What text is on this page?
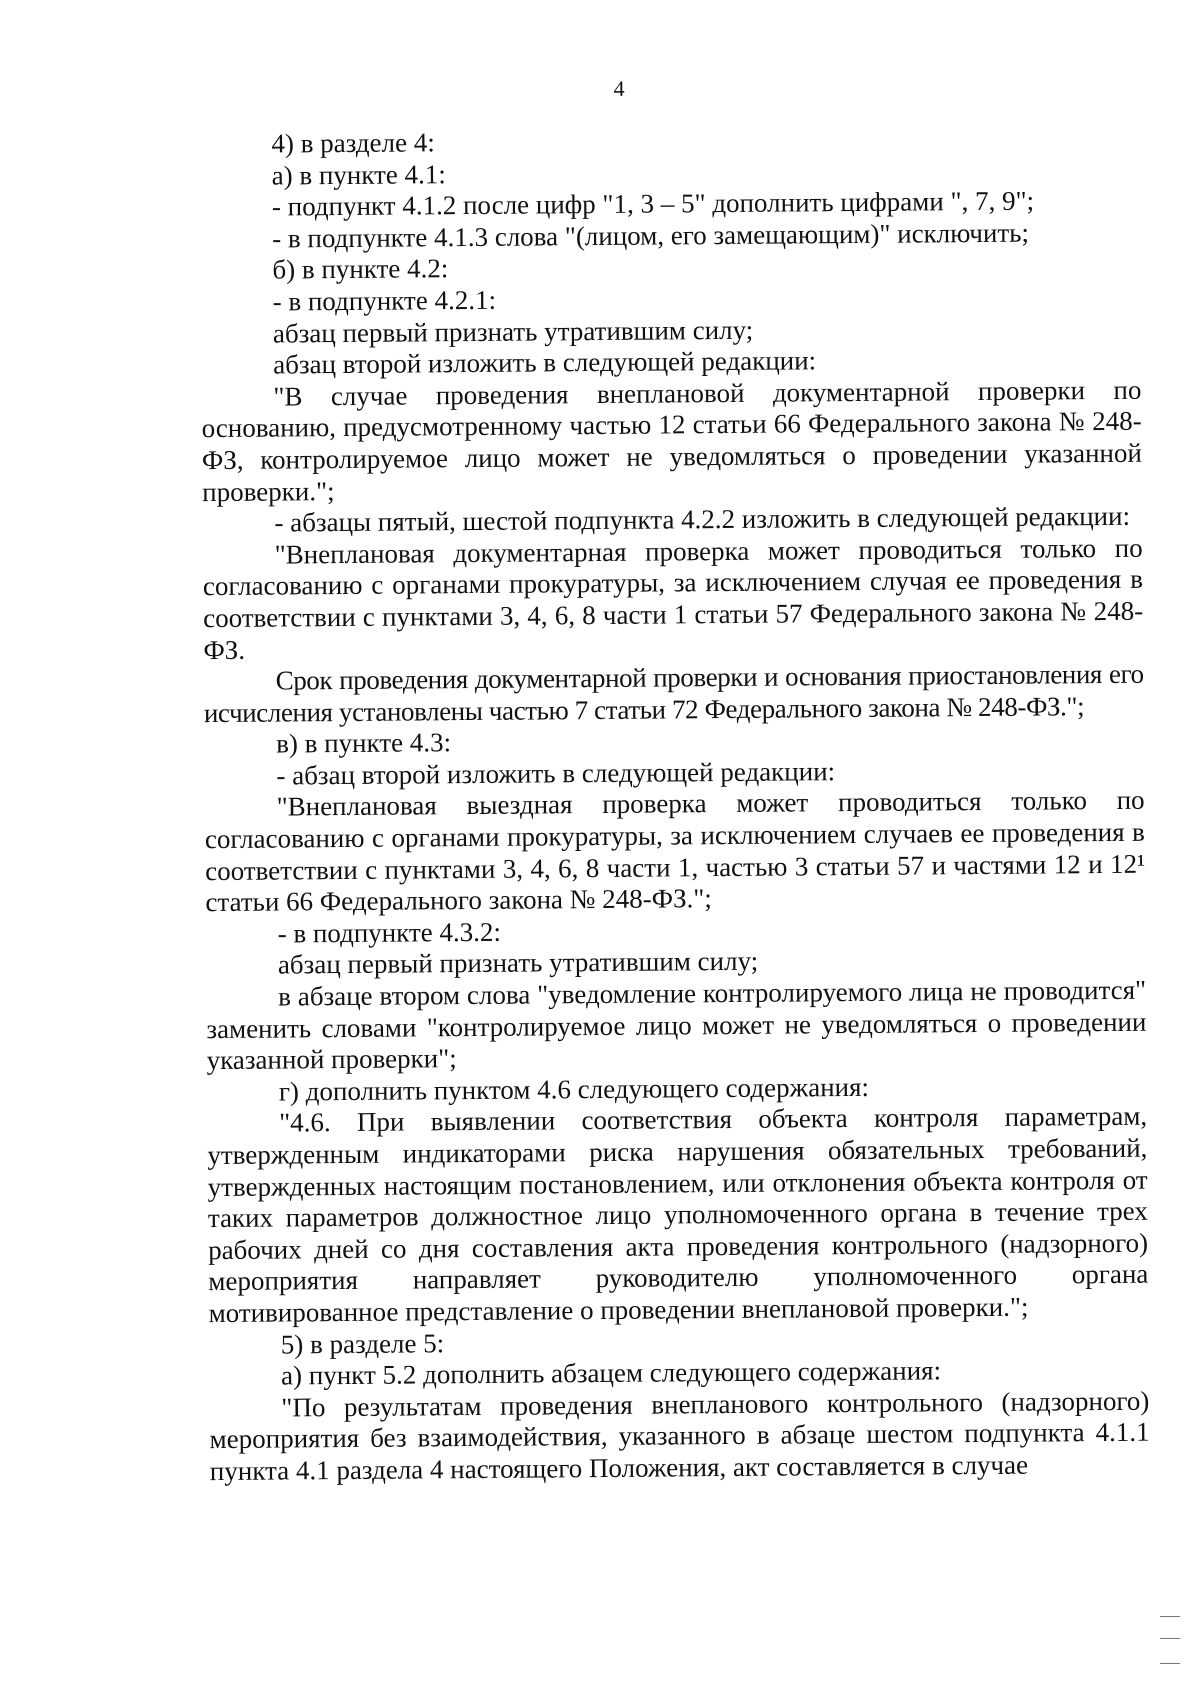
4

4) в разделе 4:

а) в пункте 4.1:

- подпункт 4.1.2 после цифр "1, 3 – 5" дополнить цифрами ", 7, 9";

- в подпункте 4.1.3 слова "(лицом, его замещающим)" исключить;

б) в пункте 4.2:

- в подпункте 4.2.1:

абзац первый признать утратившим силу;

абзац второй изложить в следующей редакции:

"В случае проведения внеплановой документарной проверки по основанию, предусмотренному частью 12 статьи 66 Федерального закона № 248-ФЗ, контролируемое лицо может не уведомляться о проведении указанной проверки.";

- абзацы пятый, шестой подпункта 4.2.2 изложить в следующей редакции:

"Внеплановая документарная проверка может проводиться только по согласованию с органами прокуратуры, за исключением случая ее проведения в соответствии с пунктами 3, 4, 6, 8 части 1 статьи 57 Федерального закона № 248-ФЗ.

Срок проведения документарной проверки и основания приостановления его исчисления установлены частью 7 статьи 72 Федерального закона № 248-ФЗ.";

в) в пункте 4.3:

- абзац второй изложить в следующей редакции:

"Внеплановая выездная проверка может проводиться только по согласованию с органами прокуратуры, за исключением случаев ее проведения в соответствии с пунктами 3, 4, 6, 8 части 1, частью 3 статьи 57 и частями 12 и 12¹ статьи 66 Федерального закона № 248-ФЗ.";

- в подпункте 4.3.2:

абзац первый признать утратившим силу;

в абзаце втором слова "уведомление контролируемого лица не проводится" заменить словами "контролируемое лицо может не уведомляться о проведении указанной проверки";

г) дополнить пунктом 4.6 следующего содержания:

"4.6. При выявлении соответствия объекта контроля параметрам, утвержденным индикаторами риска нарушения обязательных требований, утвержденных настоящим постановлением, или отклонения объекта контроля от таких параметров должностное лицо уполномоченного органа в течение трех рабочих дней со дня составления акта проведения контрольного (надзорного) мероприятия направляет руководителю уполномоченного органа мотивированное представление о проведении внеплановой проверки.";

5) в разделе 5:

а) пункт 5.2 дополнить абзацем следующего содержания:

"По результатам проведения внепланового контрольного (надзорного) мероприятия без взаимодействия, указанного в абзаце шестом подпункта 4.1.1 пункта 4.1 раздела 4 настоящего Положения, акт составляется в случае
